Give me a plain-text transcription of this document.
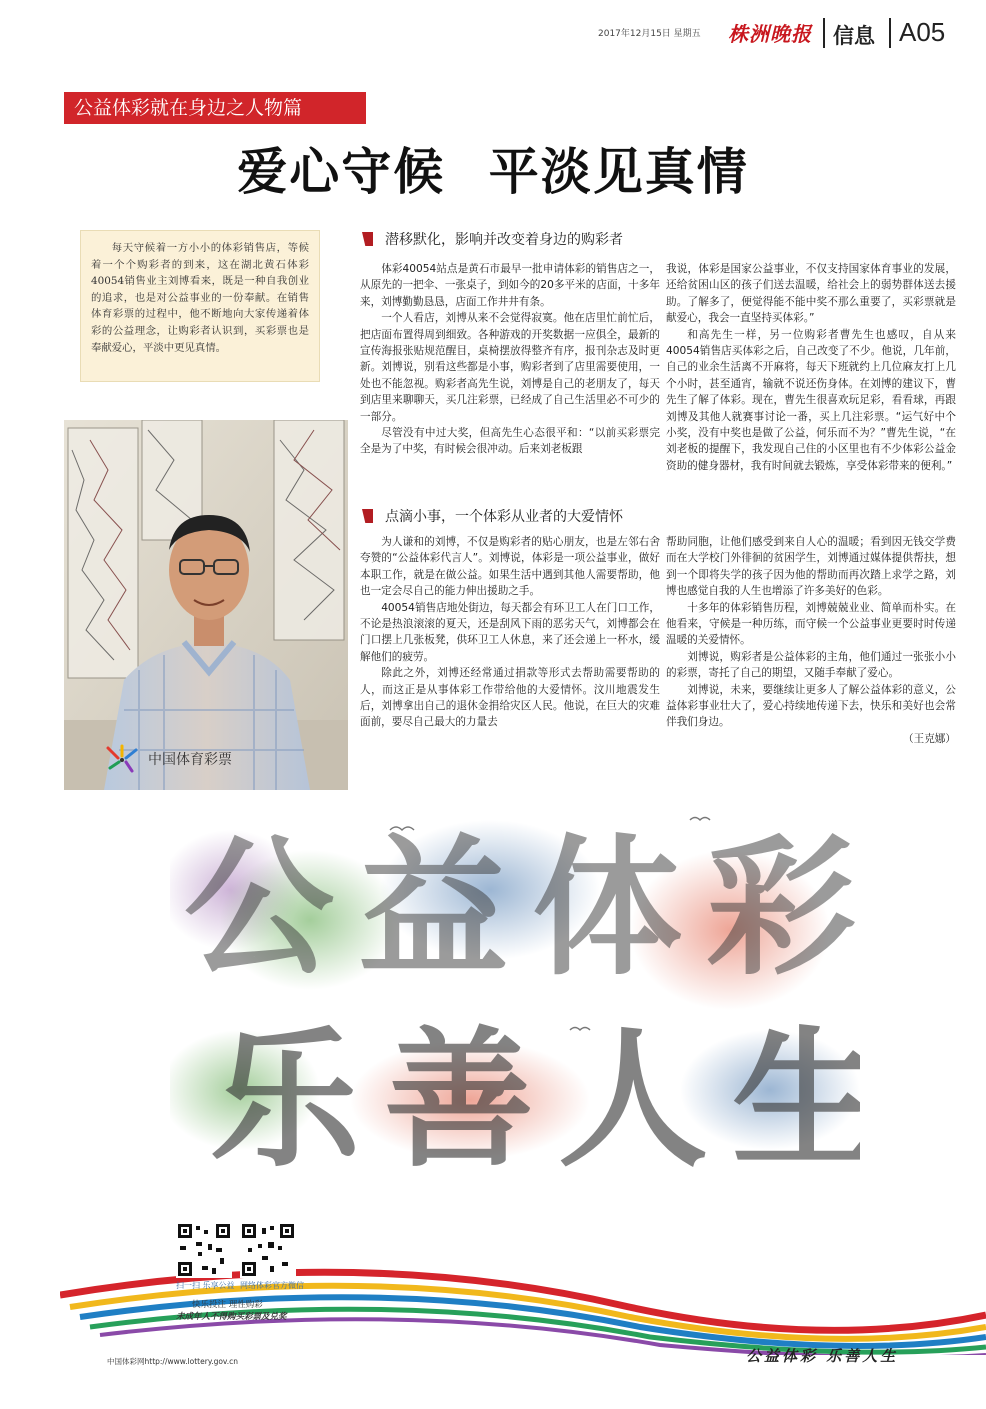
2017年12月15日 星期五 株洲晚报 信息 A05
公益体彩就在身边之人物篇
爱心守候 平淡见真情
每天守候着一方小小的体彩销售店，等候着一个个购彩者的到来，这在湖北黄石体彩40054销售业主刘博看来，既是一种自我创业的追求，也是对公益事业的一份奉献。在销售体育彩票的过程中，他不断地向大家传递着体彩的公益理念，让购彩者认识到，买彩票也是奉献爱心，平淡中更见真情。
潜移默化，影响并改变着身边的购彩者

体彩40054站点是黄石市最早一批申请体彩的销售店之一，从原先的一把伞、一张桌子，到如今的20多平米的店面，十多年来，刘博勤勤恳恳，店面工作井井有条。

一个人看店，刘博从来不会觉得寂寞。他在店里忙前忙后，把店面布置得周到细致。各种游戏的开奖数据一应俱全，最新的宣传海报张贴规范醒目，桌椅摆放得整齐有序，报刊杂志及时更新。刘博说，别看这些都是小事，购彩者到了店里需要使用，一处也不能忽视。购彩者高先生说，刘博是自己的老朋友了，每天到店里来聊聊天，买几注彩票，已经成了自己生活里必不可少的一部分。

尽管没有中过大奖，但高先生心态很平和：“以前买彩票完全是为了中奖，有时候会很冲动。后来刘老板跟

我说，体彩是国家公益事业，不仅支持国家体育事业的发展，还给贫困山区的孩子们送去温暖，给社会上的弱势群体送去援助。了解多了，便觉得能不能中奖不那么重要了，买彩票就是献爱心，我会一直坚持买体彩。”

和高先生一样，另一位购彩者曹先生也感叹，自从来40054销售店买体彩之后，自己改变了不少。他说，几年前，自己的业余生活离不开麻将，每天下班就约上几位麻友打上几个小时，甚至通宵，输就不说还伤身体。在刘博的建议下，曹先生了解了体彩。现在，曹先生很喜欢玩足彩，看看球，再跟刘博及其他人就赛事讨论一番，买上几注彩票。“运气好中个小奖，没有中奖也是做了公益，何乐而不为？”曹先生说，“在刘老板的提醒下，我发现自己住的小区里也有不少体彩公益金资助的健身器材，我有时间就去锻炼，享受体彩带来的便利。”

点滴小事，一个体彩从业者的大爱情怀

为人谦和的刘博，不仅是购彩者的贴心朋友，也是左邻右舍夸赞的“公益体彩代言人”。刘博说，体彩是一项公益事业，做好本职工作，就是在做公益。如果生活中遇到其他人需要帮助，他也一定会尽自己的能力伸出援助之手。

40054销售店地处街边，每天都会有环卫工人在门口工作，不论是热浪滚滚的夏天，还是刮风下雨的恶劣天气，刘博都会在门口摆上几张板凳，供环卫工人休息，来了还会递上一杯水，缓解他们的疲劳。

除此之外，刘博还经常通过捐款等形式去帮助需要帮助的人，而这正是从事体彩工作带给他的大爱情怀。汶川地震发生后，刘博拿出自己的退休金捐给灾区人民。他说，在巨大的灾难面前，要尽自己最大的力量去

帮助同胞，让他们感受到来自人心的温暖；看到因无钱交学费而在大学校门外徘徊的贫困学生，刘博通过媒体提供帮扶，想到一个即将失学的孩子因为他的帮助而再次踏上求学之路，刘博也感觉自我的人生也增添了许多美好的色彩。

十多年的体彩销售历程，刘博兢兢业业、简单而朴实。在他看来，守候是一种历练，而守候一个公益事业更要时时传递温暖的关爱情怀。

刘博说，购彩者是公益体彩的主角，他们通过一张张小小的彩票，寄托了自己的期望，又随手奉献了爱心。

刘博说，未来，要继续让更多人了解公益体彩的意义，公益体彩事业壮大了，爱心持续地传递下去，快乐和美好也会常伴我们身边。

（王克娜）
中国体育彩票
公益体彩
乐善人生
扫一扫 乐享公益 网络体彩官方微信
快乐投注 理性购彩
未成年人不得购买彩票及兑奖
中国体彩网http://www.lottery.gov.cn	公益体彩 乐善人生
